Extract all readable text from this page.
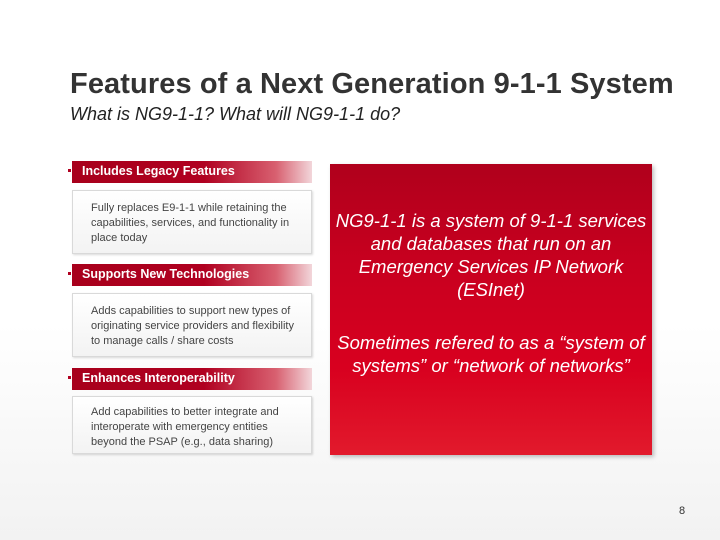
Features of a Next Generation 9-1-1 System
What is NG9-1-1? What will NG9-1-1 do?
Includes Legacy Features
Fully replaces E9-1-1 while retaining the capabilities, services, and functionality in place today
Supports New Technologies
Adds capabilities to support new types of originating service providers and flexibility to manage calls / share costs
Enhances Interoperability
Add capabilities to better integrate and interoperate with emergency entities beyond the PSAP (e.g., data sharing)
NG9-1-1 is a system of 9-1-1 services and databases that run on an Emergency Services IP Network (ESInet)
Sometimes refered to as a “system of systems” or “network of networks”
8
